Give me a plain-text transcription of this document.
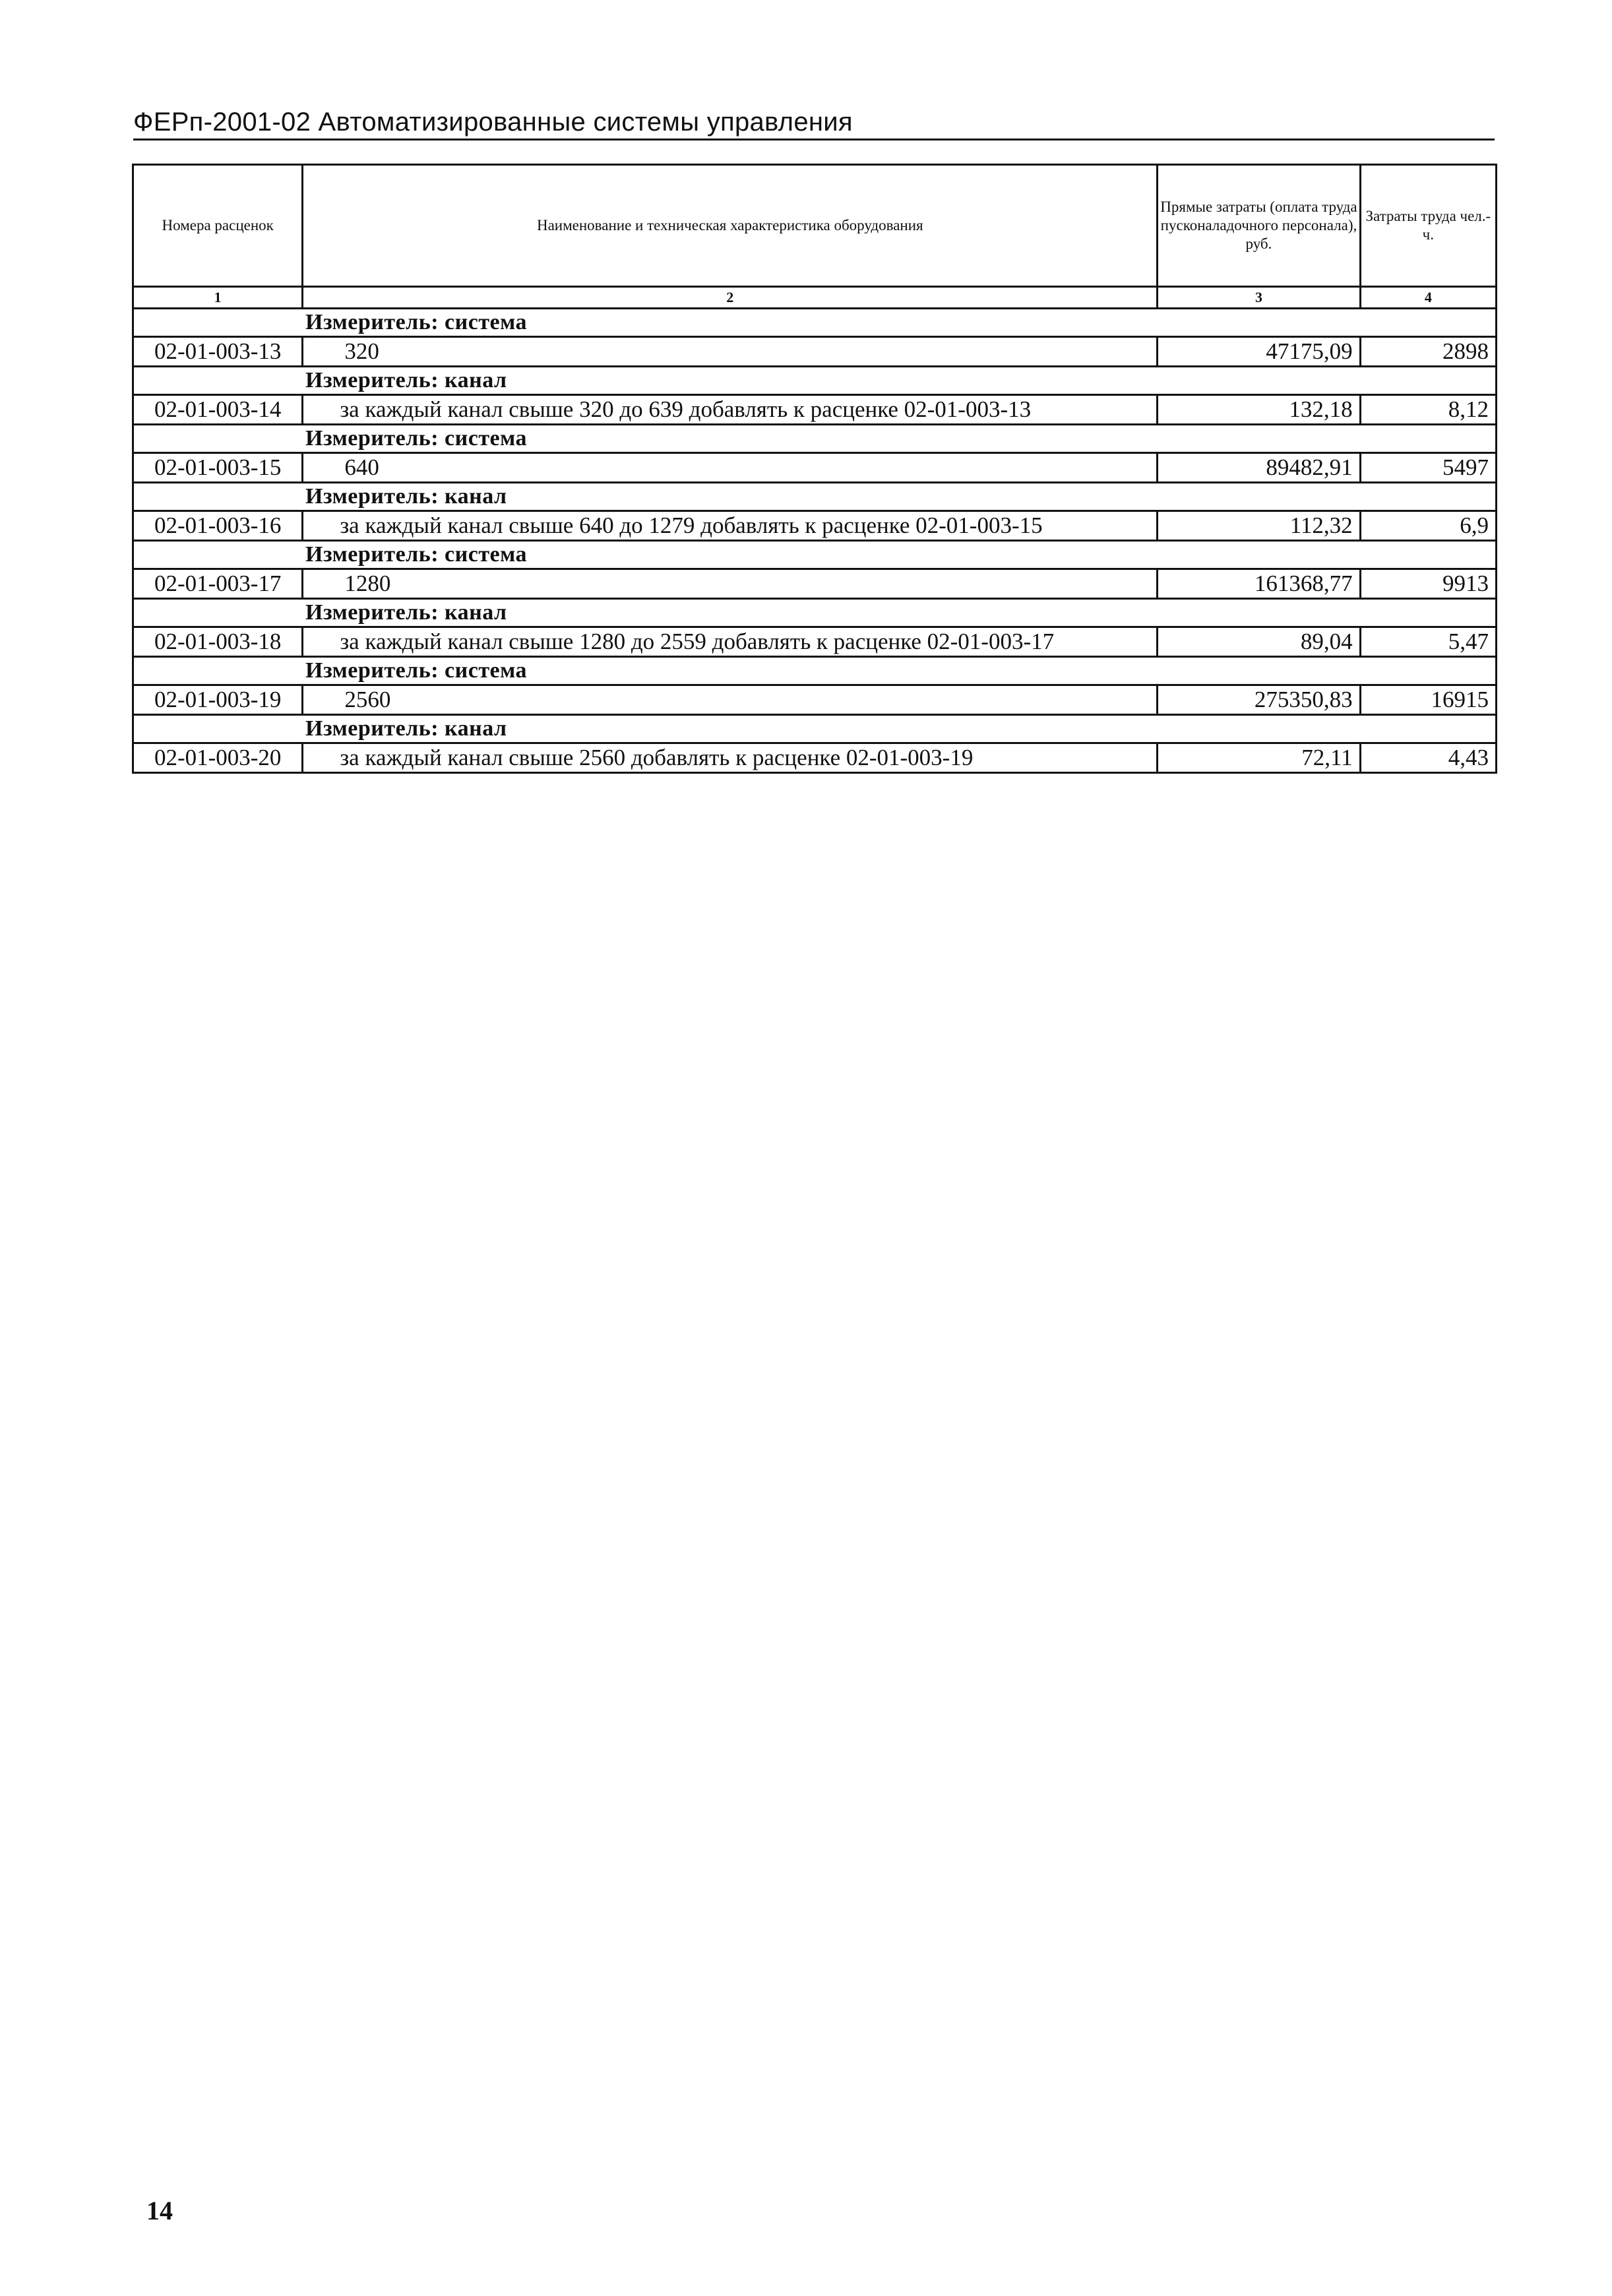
ФЕРп-2001-02 Автоматизированные системы управления
Номера расценок	Наименование и техническая характеристика оборудования	Прямые затраты (оплата труда пусконаладочного персонала), руб.	Затраты труда чел.-ч.
1	2	3	4
Измеритель: система			
02-01-003-13	320	47175,09	2898
Измеритель: канал			
02-01-003-14	за каждый канал свыше 320 до 639 добавлять к расценке 02-01-003-13	132,18	8,12
Измеритель: система			
02-01-003-15	640	89482,91	5497
Измеритель: канал			
02-01-003-16	за каждый канал свыше 640 до 1279 добавлять к расценке 02-01-003-15	112,32	6,9
Измеритель: система			
02-01-003-17	1280	161368,77	9913
Измеритель: канал			
02-01-003-18	за каждый канал свыше 1280 до 2559 добавлять к расценке 02-01-003-17	89,04	5,47
Измеритель: система			
02-01-003-19	2560	275350,83	16915
Измеритель: канал			
02-01-003-20	за каждый канал свыше 2560 добавлять к расценке 02-01-003-19	72,11	4,43
14
